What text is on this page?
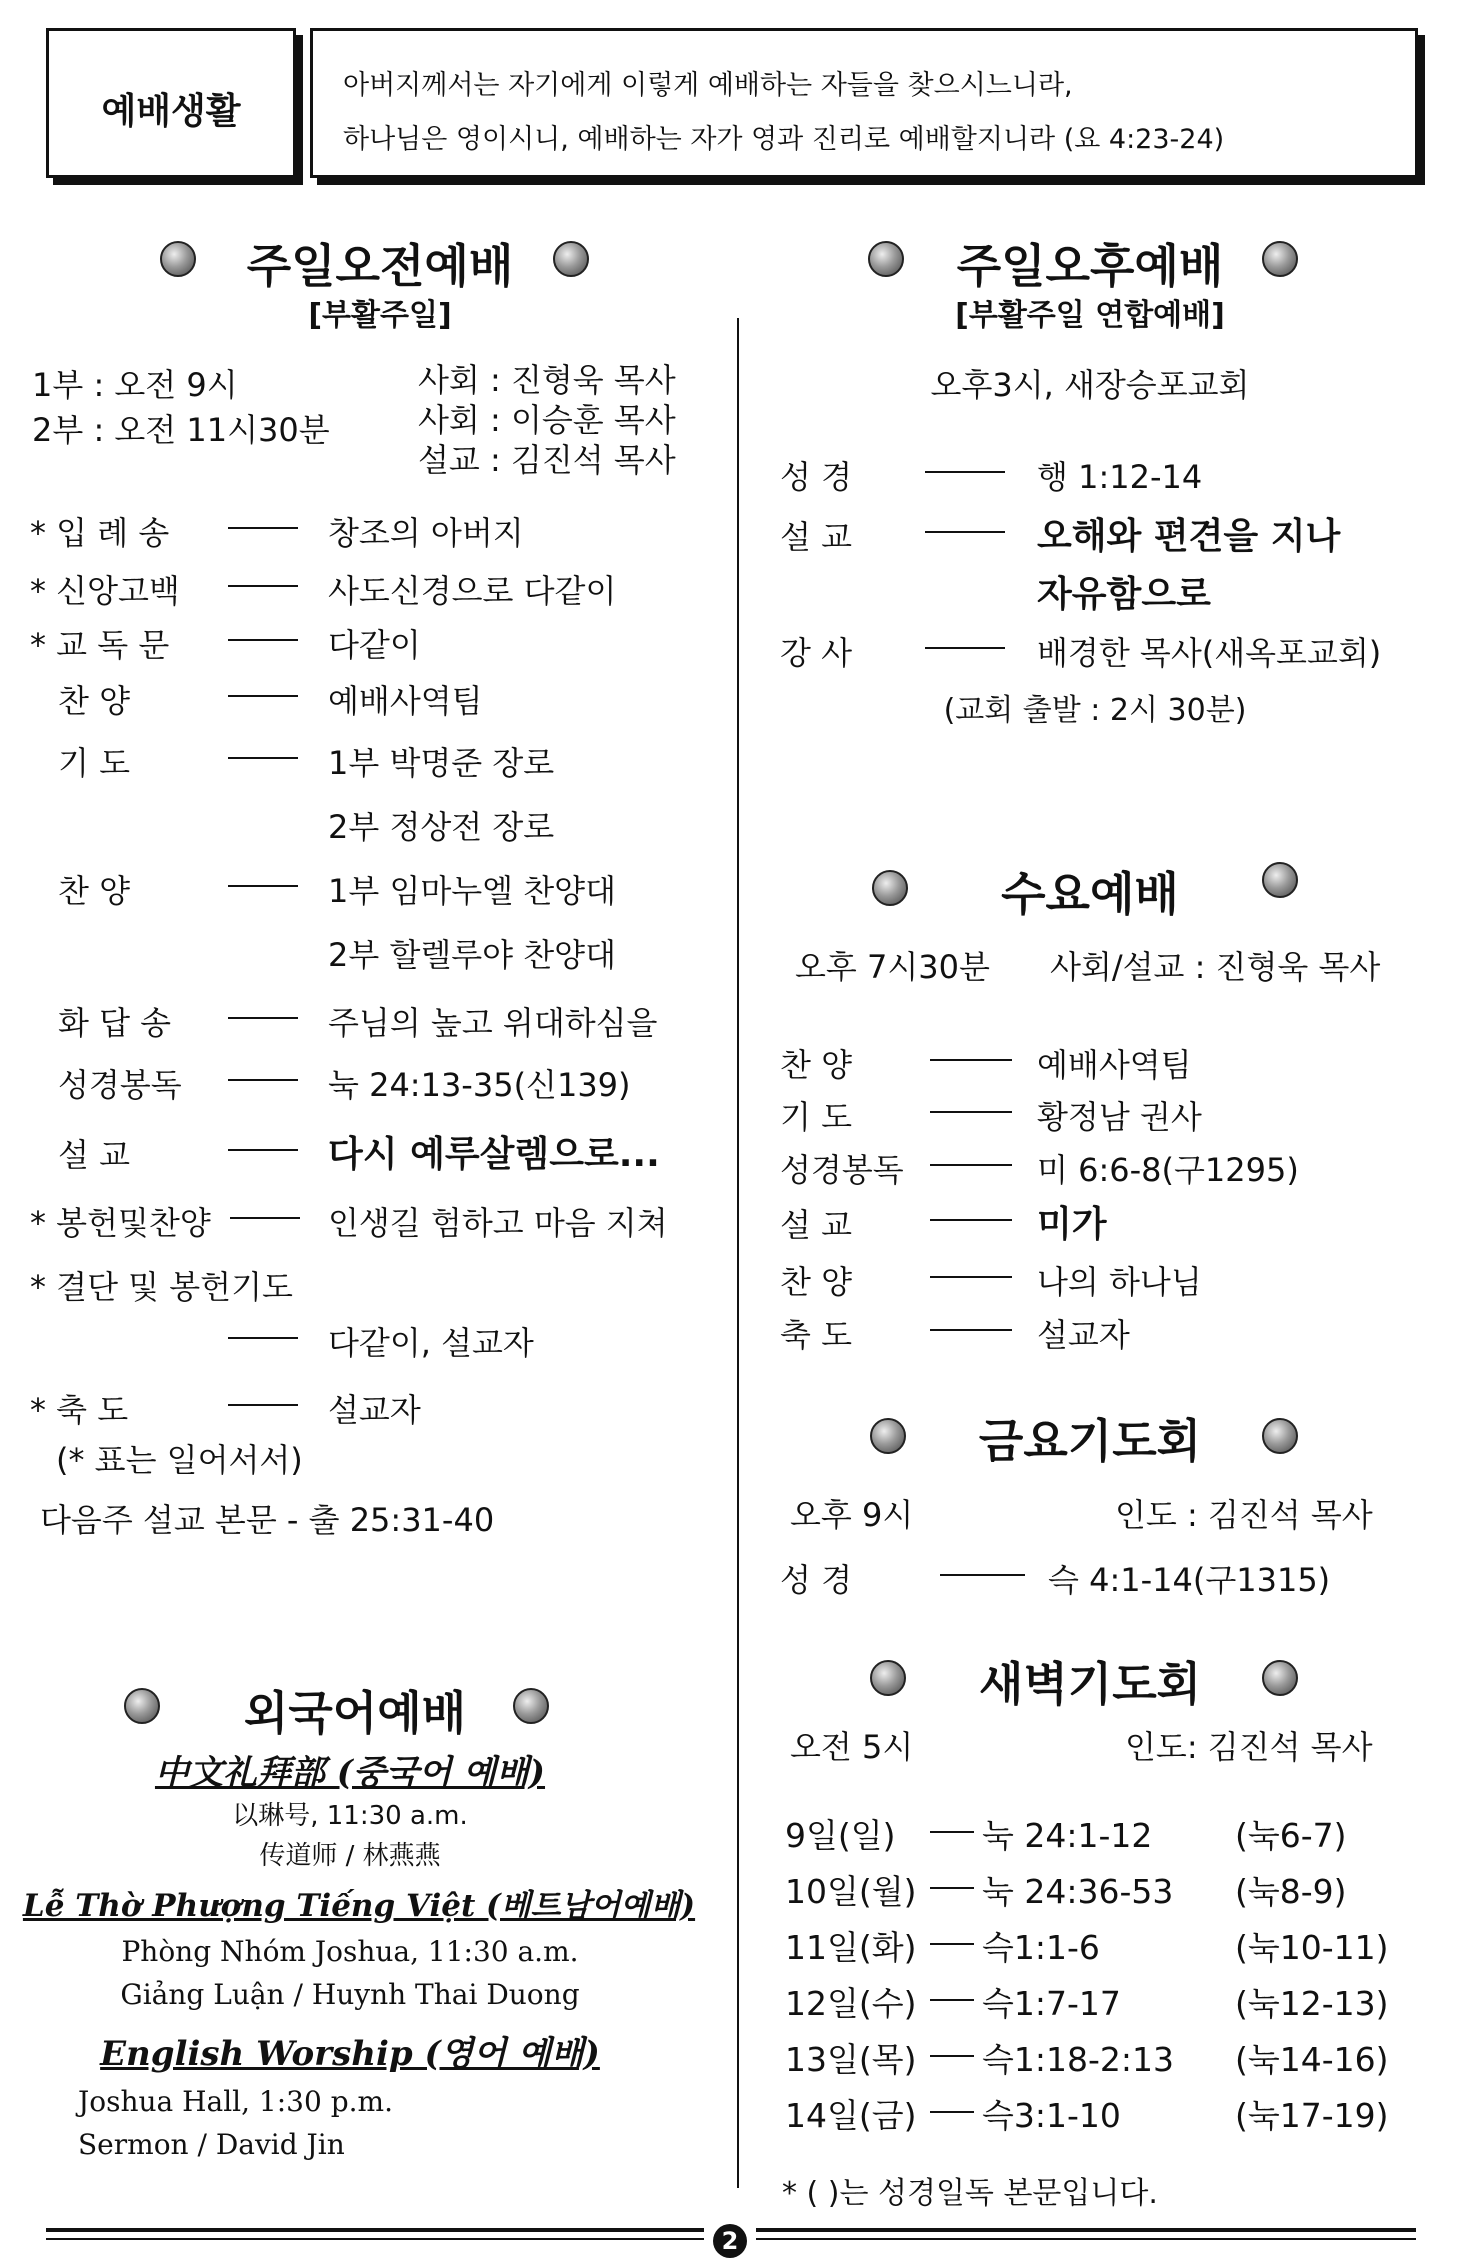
예배생활
아버지께서는 자기에게 이렇게 예배하는 자들을 찾으시느니라,
하나님은 영이시니, 예배하는 자가 영과 진리로 예배할지니라 (요 4:23-24)
주일오전예배
[부활주일]
1부 : 오전 9시
2부 : 오전 11시30분
사회 : 진형욱 목사
사회 : 이승훈 목사
설교 : 김진석 목사
* 입 례 송	창조의 아버지
* 신앙고백	사도신경으로 다같이
* 교 독 문	다같이
찬 양	예배사역팀
기 도	1부 박명준 장로
2부 정상전 장로
찬 양	1부 임마누엘 찬양대
2부 할렐루야 찬양대
화 답 송	주님의 높고 위대하심을
성경봉독	눅 24:13-35(신139)
설 교	다시 예루살렘으로...
* 봉헌및찬양	인생길 험하고 마음 지쳐
* 결단 및 봉헌기도
다같이, 설교자
* 축 도	설교자
(* 표는 일어서서)
다음주 설교 본문 - 출 25:31-40
외국어예배
中文礼拜部 (중국어 예배)
以琳号, 11:30 a.m.
传道师 / 林燕燕
Lễ Thờ Phượng Tiếng Việt (베트남어예배)
Phòng Nhóm Joshua, 11:30 a.m.
Giảng Luận / Huynh Thai Duong
English Worship (영어 예배)
Joshua Hall, 1:30 p.m.
Sermon / David Jin
주일오후예배
[부활주일 연합예배]
오후3시, 새장승포교회
성 경	행 1:12-14
설 교	오해와 편견을 지나
자유함으로
강 사	배경한 목사(새옥포교회)
(교회 출발 : 2시 30분)
수요예배
오후 7시30분 사회/설교 : 진형욱 목사
찬 양	예배사역팀
기 도	황정남 권사
성경봉독	미 6:6-8(구1295)
설 교	미가
찬 양	나의 하나님
축 도	설교자
금요기도회
오후 9시	인도 : 김진석 목사
성 경	슥 4:1-14(구1315)
새벽기도회
오전 5시	인도: 김진석 목사
9일(일)	눅 24:1-12	(눅6-7)
10일(월) 눅 24:36-53 (눅8-9)
11일(화) 슥1:1-6	(눅10-11)
12일(수) 슥1:7-17	(눅12-13)
13일(목) 슥1:18-2:13 (눅14-16)
14일(금) 슥3:1-10	(눅17-19)
* ( )는 성경일독 본문입니다.
2
